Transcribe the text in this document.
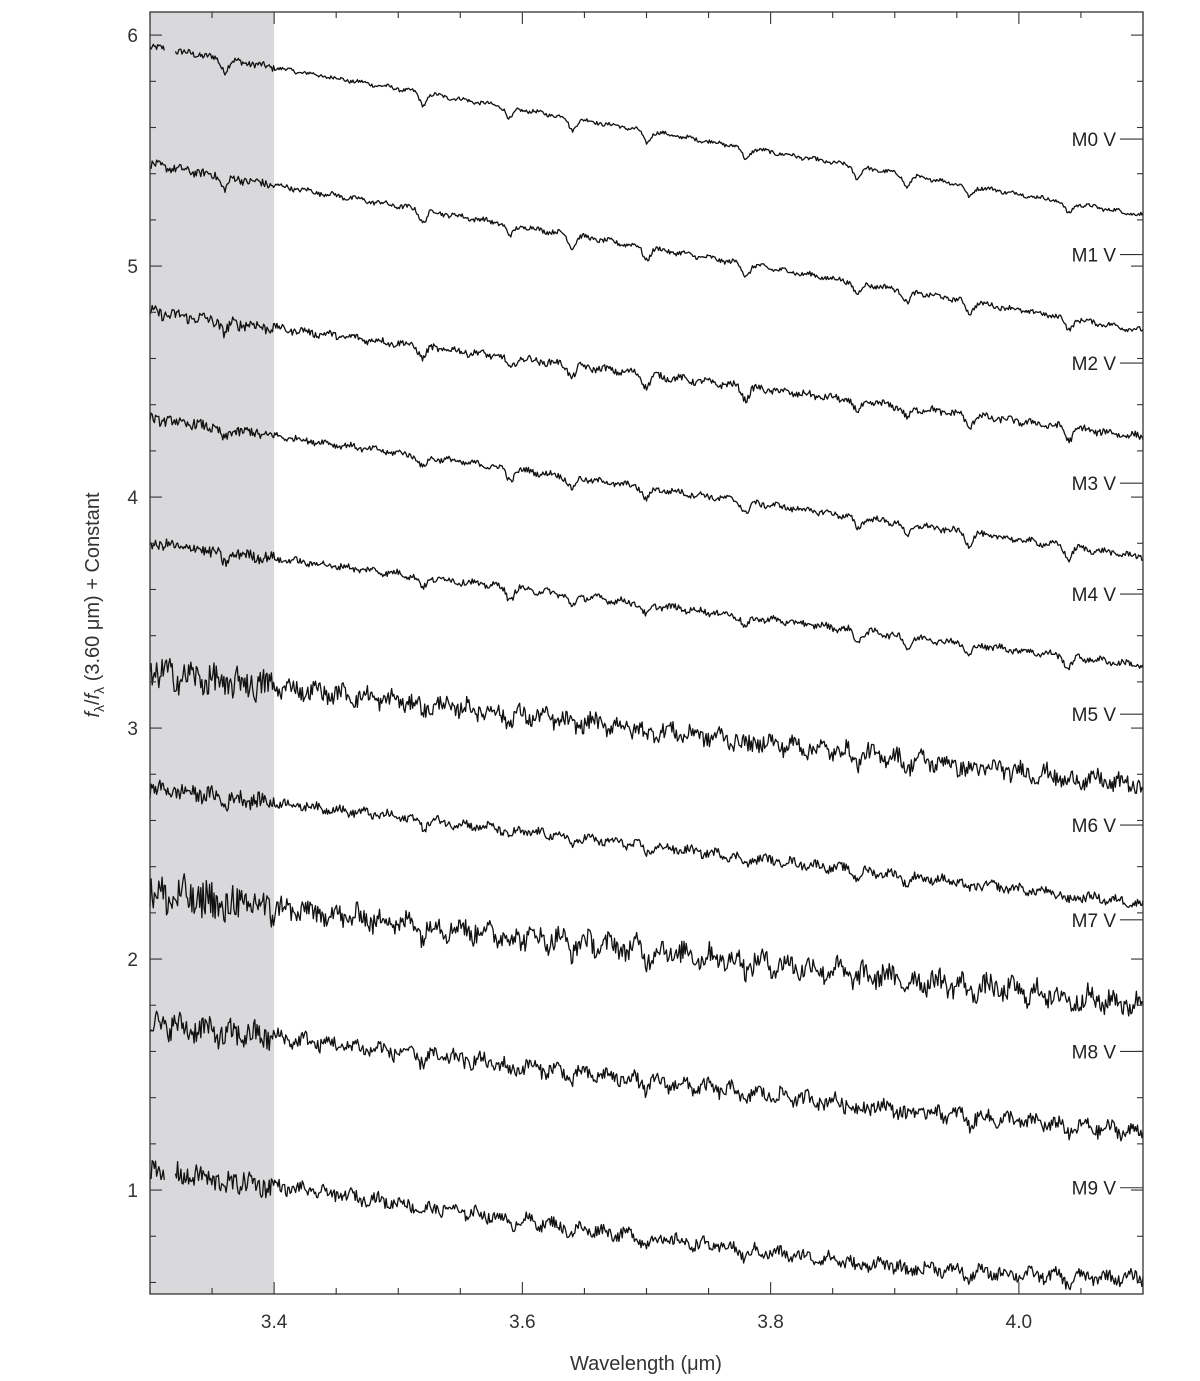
3.4	3.6	3.8	4.0
1
2
3
4
5
6
M0 V
M1 V
M2 V
M3 V
M4 V
M5 V
M6 V
M7 V
M8 V
M9 V
Wavelength (μm)
$f_\lambda/f_\lambda$ (3.60 μm) + Constant
